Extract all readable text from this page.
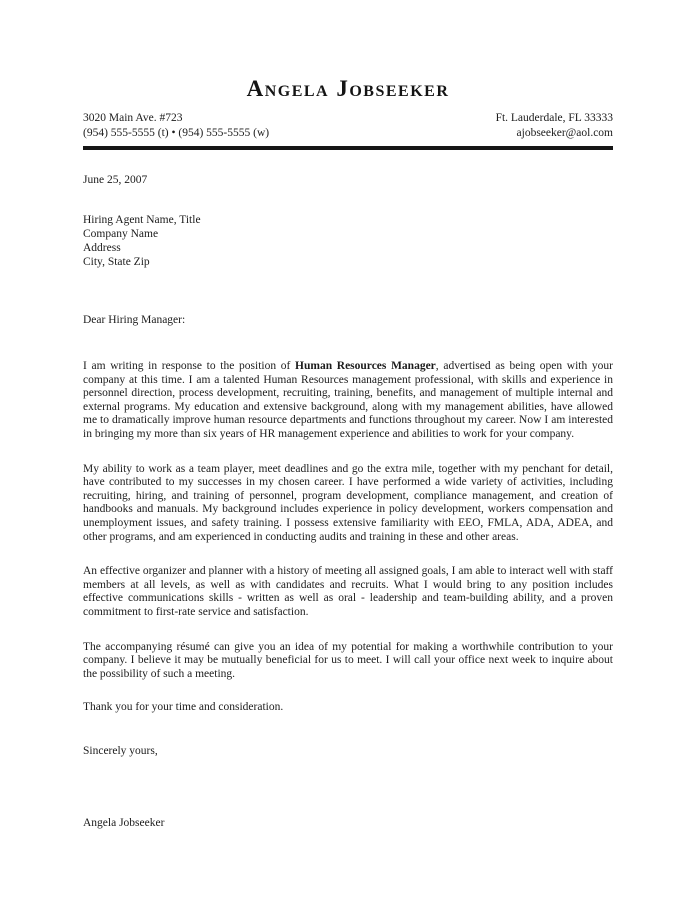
Angela Jobseeker
3020 Main Ave. #723
(954) 555-5555 (t) • (954) 555-5555 (w)
Ft. Lauderdale, FL 33333
ajobseeker@aol.com
June 25, 2007
Hiring Agent Name, Title
Company Name
Address
City, State Zip
Dear Hiring Manager:

I am writing in response to the position of Human Resources Manager, advertised as being open with your company at this time. I am a talented Human Resources management professional, with skills and experience in personnel direction, process development, recruiting, training, benefits, and management of multiple internal and external programs. My education and extensive background, along with my management abilities, have allowed me to dramatically improve human resource departments and functions throughout my career. Now I am interested in bringing my more than six years of HR management experience and abilities to work for your company.

My ability to work as a team player, meet deadlines and go the extra mile, together with my penchant for detail, have contributed to my successes in my chosen career. I have performed a wide variety of activities, including recruiting, hiring, and training of personnel, program development, compliance management, and creation of handbooks and manuals. My background includes experience in policy development, workers compensation and unemployment issues, and safety training. I possess extensive familiarity with EEO, FMLA, ADA, ADEA, and other programs, and am experienced in conducting audits and training in these and other areas.

An effective organizer and planner with a history of meeting all assigned goals, I am able to interact well with staff members at all levels, as well as with candidates and recruits. What I would bring to any position includes effective communications skills - written as well as oral - leadership and team-building ability, and a proven commitment to first-rate service and satisfaction.

The accompanying résumé can give you an idea of my potential for making a worthwhile contribution to your company. I believe it may be mutually beneficial for us to meet. I will call your office next week to inquire about the possibility of such a meeting.

Thank you for your time and consideration.
Sincerely yours,
Angela Jobseeker
